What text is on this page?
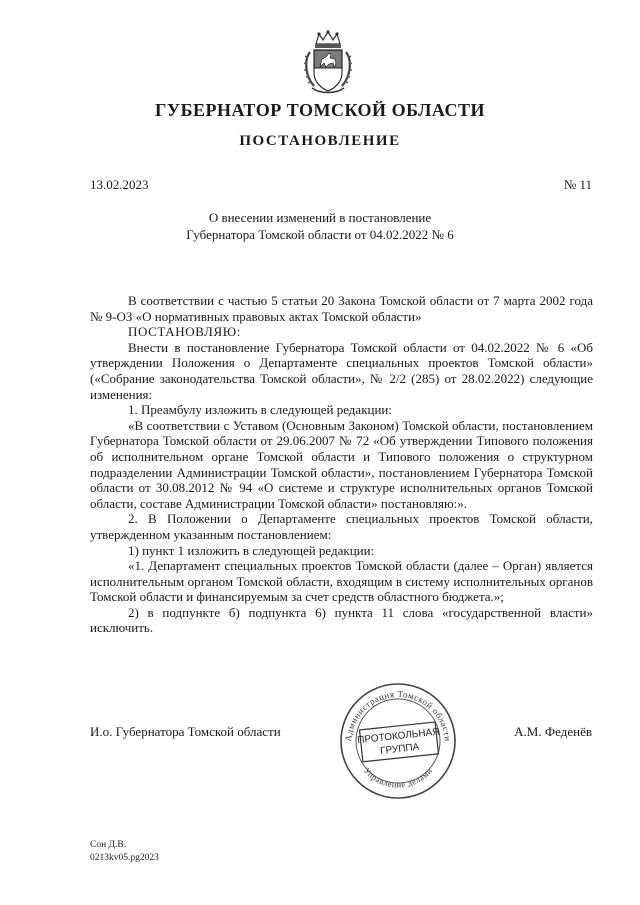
ГУБЕРНАТОР ТОМСКОЙ ОБЛАСТИ
ПОСТАНОВЛЕНИЕ
13.02.2023	№ 11
О внесении изменений в постановление
Губернатора Томской области от 04.02.2022 № 6

В соответствии с частью 5 статьи 20 Закона Томской области от 7 марта 2002 года № 9-ОЗ «О нормативных правовых актах Томской области»

ПОСТАНОВЛЯЮ:

Внести в постановление Губернатора Томской области от 04.02.2022 № 6 «Об утверждении Положения о Департаменте специальных проектов Томской области» («Собрание законодательства Томской области», № 2/2 (285) от 28.02.2022) следующие изменения:

1. Преамбулу изложить в следующей редакции:

«В соответствии с Уставом (Основным Законом) Томской области, постановлением Губернатора Томской области от 29.06.2007 № 72 «Об утверждении Типового положения об исполнительном органе Томской области и Типового положения о структурном подразделении Администрации Томской области», постановлением Губернатора Томской области от 30.08.2012 № 94 «О системе и структуре исполнительных органов Томской области, составе Администрации Томской области» постановляю:».

2. В Положении о Департаменте специальных проектов Томской области, утвержденном указанным постановлением:

1) пункт 1 изложить в следующей редакции:

«1. Департамент специальных проектов Томской области (далее – Орган) является исполнительным органом Томской области, входящим в систему исполнительных органов Томской области и финансируемым за счет средств областного бюджета.»;

2) в подпункте б) подпункта 6) пункта 11 слова «государственной власти» исключить.

И.о. Губернатора Томской области	А.М. Феденёв
Администрация Томской области
Управление делами
ПРОТОКОЛЬНАЯ
ГРУППА
Сон Д.В.
0213kv05.pg2023
